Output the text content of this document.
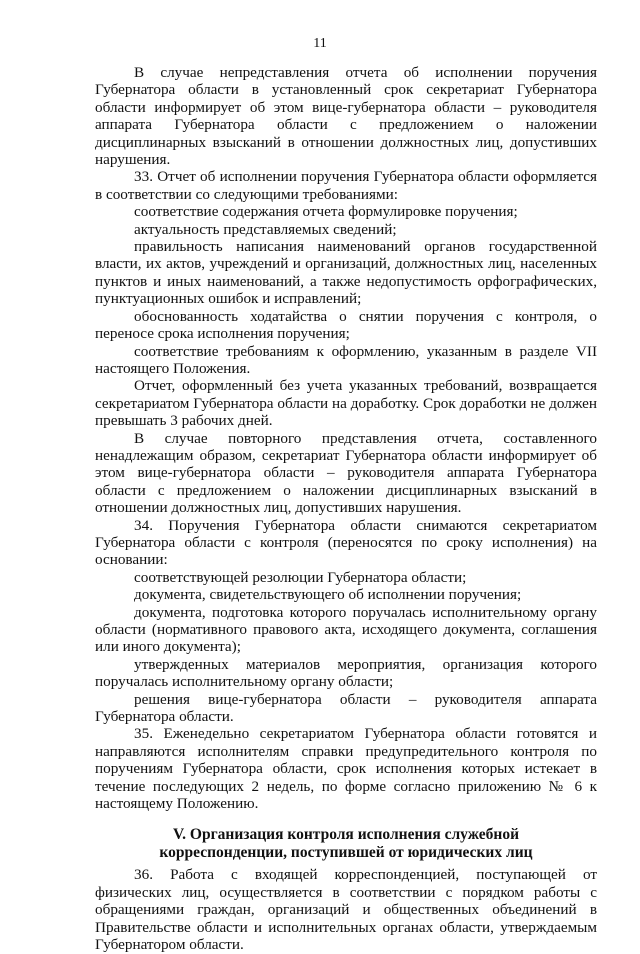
11

В случае непредставления отчета об исполнении поручения Губернатора области в установленный срок секретариат Губернатора области информирует об этом вице-губернатора области – руководителя аппарата Губернатора области с предложением о наложении дисциплинарных взысканий в отношении должностных лиц, допустивших нарушения.

33. Отчет об исполнении поручения Губернатора области оформляется в соответствии со следующими требованиями:

соответствие содержания отчета формулировке поручения;

актуальность представляемых сведений;

правильность написания наименований органов государственной власти, их актов, учреждений и организаций, должностных лиц, населенных пунктов и иных наименований, а также недопустимость орфографических, пунктуационных ошибок и исправлений;

обоснованность ходатайства о снятии поручения с контроля, о переносе срока исполнения поручения;

соответствие требованиям к оформлению, указанным в разделе VII настоящего Положения.

Отчет, оформленный без учета указанных требований, возвращается секретариатом Губернатора области на доработку. Срок доработки не должен превышать 3 рабочих дней.

В случае повторного представления отчета, составленного ненадлежащим образом, секретариат Губернатора области информирует об этом вице-губернатора области – руководителя аппарата Губернатора области с предложением о наложении дисциплинарных взысканий в отношении должностных лиц, допустивших нарушения.

34. Поручения Губернатора области снимаются секретариатом Губернатора области с контроля (переносятся по сроку исполнения) на основании:

соответствующей резолюции Губернатора области;

документа, свидетельствующего об исполнении поручения;

документа, подготовка которого поручалась исполнительному органу области (нормативного правового акта, исходящего документа, соглашения или иного документа);

утвержденных материалов мероприятия, организация которого поручалась исполнительному органу области;

решения вице-губернатора области – руководителя аппарата Губернатора области.

35. Еженедельно секретариатом Губернатора области готовятся и направляются исполнителям справки предупредительного контроля по поручениям Губернатора области, срок исполнения которых истекает в течение последующих 2 недель, по форме согласно приложению № 6 к настоящему Положению.

V. Организация контроля исполнения служебной
корреспонденции, поступившей от юридических лиц

36. Работа с входящей корреспонденцией, поступающей от физических лиц, осуществляется в соответствии с порядком работы с обращениями граждан, организаций и общественных объединений в Правительстве области и исполнительных органах области, утверждаемым Губернатором области.
